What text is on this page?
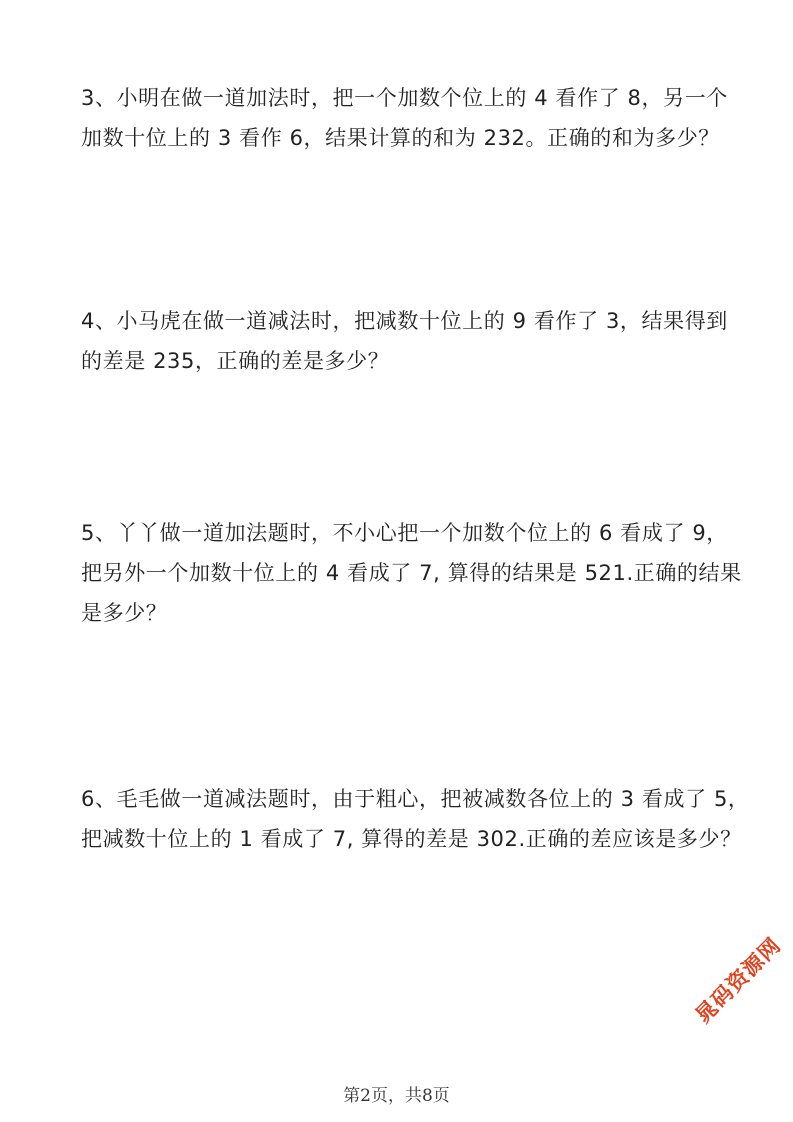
3、小明在做一道加法时，把一个加数个位上的 4 看作了 8，另一个
加数十位上的 3 看作 6，结果计算的和为 232。正确的和为多少？
4、小马虎在做一道减法时，把减数十位上的 9 看作了 3，结果得到
的差是 235，正确的差是多少？
5、丫丫做一道加法题时，不小心把一个加数个位上的 6 看成了 9，
把另外一个加数十位上的 4 看成了 7, 算得的结果是 521.正确的结果
是多少？
6、毛毛做一道减法题时，由于粗心，把被减数各位上的 3 看成了 5，
把减数十位上的 1 看成了 7, 算得的差是 302.正确的差应该是多少？
晁码资源网
第2页，共8页
